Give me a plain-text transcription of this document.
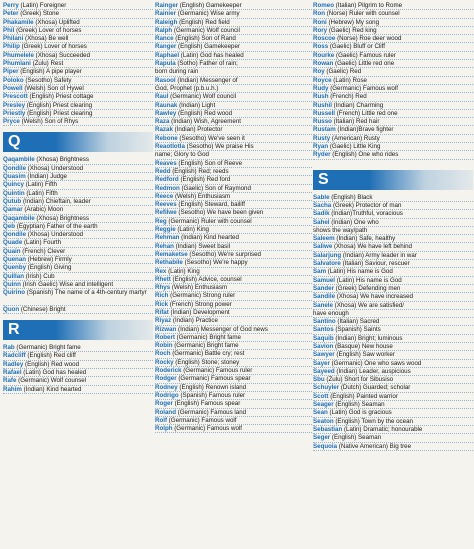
Perry (Latin) Foreigner
Peter (Greek) Stone
Phakamile (Xhosa) Uplifted
Phil (Greek) Lover of horses
Philani (Xhosa) Be well
Philip (Greek) Lover of horses
Phumelele (Xhosa) Succeeded
Phumlani (Zulu) Rest
Piper (English) A pipe player
Poloko (Sesotho) Safety
Powell (Welsh) Son of Hywel
Prescott (English) Priest cottage
Presley (English) Priest clearing
Priestly (English) Priest clearing
Pryce (Welsh) Son of Rhys
Q
Qaqambile (Xhosa) Brightness
Qondile (Xhosa) Understood
Quasim (Indian) Judge
Quincy (Latin) Fifth
Quintin (Latin) Fifth
Qutub (Indian) Chieftain, leader
Qamar (Arabic) Moon
Qaqambile (Xhosa) Brightness
Qeb (Egyptian) Father of the earth
Qondile (Xhosa) Understood
Quade (Latin) Fourth
Quain (French) Clever
Quenan (Hebrew) Firmly
Quenby (English) Giving
Quillan (Irish) Cub
Quinn (Irish Gaelic) Wise and intelligent
Quirino (Spanish) The name of a 4th-century martyr
Quon (Chinese) Bright
R
Rab (Germanic) Bright fame
Radcliff (English) Red cliff
Radley (English) Red wood
Rafael (Latin) God has healed
Rafe (Germanic) Wolf counsel
Rahim (Indian) Kind hearted
Rainger (English) Gamekeeper
Rainier (Germanic) Wise army
Raleigh (English) Red field
Ralph (Germanic) Wolf council
Rance (English) Son of Rand
Ranger (English) Gamekeeper
Raphael (Latin) God has healed
Rapula (Sotho) Father of rain;
born during rain
Rasool (Indian) Messenger of
God, Prophet (p.b.u.h.)
Raul (Germanic) Wolf council
Raunak (Indian) Light
Rawley (English) Red wood
Raza (Indian) Wish, Agreement
Razak (Indian) Protector
Rebone (Sesotho) We've seen it
Reaotlotla (Sesotho) We praise His
name; Glory to God
Reaves (English) Son of Reeve
Redd (English) Red; reeds
Redford (English) Red ford
Redmon (Gaelic) Son of Raymond
Reece (Welsh) Enthusiasm
Reeves (English) Steward, bailiff
Refilwe (Sesotho) We have been given
Reg (Germanic) Ruler with counsel
Reggie (Latin) King
Rehman (Indian) Kind hearted
Rehan (Indian) Sweet basil
Remaketse (Sesotho) We're surprised
Rethabile (Sesotho) We're happy
Rex (Latin) King
Rhett (English) Advice, counsel
Rhys (Welsh) Enthusiasm
Rich (Germanic) Strong ruler
Rick (French) Strong power
Rifat (Indian) Development
Riyaz (Indian) Practice
Rizwan (Indian) Messenger of God news
Robert (Germanic) Bright fame
Robin (Germanic) Bright fame
Roch (Germanic) Battle cry; rest
Rocky (English) Stone; stoney
Roderick (Germanic) Famous ruler
Rodger (Germanic) Famous spear
Rodney (English) Renown island
Rodrigo (Spanish) Famous ruler
Roger (English) Famous spear
Roland (Germanic) Famous land
Rolf (Germanic) Famous wolf
Rolph (Germanic) Famous wolf
Romeo (Italian) Pilgrim to Rome
Ron (Norse) Ruler with counsel
Roni (Hebrew) My song
Rory (Gaelic) Red king
Roscoe (Norse) Roe deer wood
Ross (Gaelic) Bluff or Cliff
Rourke (Gaelic) Famous ruler
Rowan (Gaelic) Little red one
Roy (Gaelic) Red
Royce (Latin) Rose
Rudy (Germanic) Famous wolf
Rush (French) Red
Rushil (Indian) Charming
Russell (French) Little red one
Russo (Italian) Red hair
Rustam (Indian)Brave fighter
Rusty (American) Rusty
Ryan (Gaelic) Little King
Ryder (English) One who rides
S
Sable (English) Black
Sacha (Greek) Protector of man
Sadik (Indian)Truthful, voracious
Sahel (Indian) One who
shows the way/path
Saleem (Indian) Safe, healthy
Saliwe (Xhosa) We have left behind
Salarjung (Indian) Army leader in war
Salvatore (Italian) Saviour, rescuer
Sam (Latin) His name is God
Samuel (Latin) His name is God
Sander (Greek) Defending men
Sandile (Xhosa) We have increased
Sanele (Xhosa) We are satisfied/
have enough
Santino (Italian) Sacred
Santos (Spanish) Saints
Saquib (Indian) Bright; luminous
Savion (Basque) New house
Sawyer (English) Saw worker
Sayer (Germanic) One who saws wood
Sayeed (Indian) Leader, auspicious
Sbu (Zulu) Short for Sibusiso
Schuyler (Dutch) Guarded; scholar
Scott (English) Painted warrior
Seager (English) Seaman
Sean (Latin) God is gracious
Seaton (English) Town by the ocean
Sebastian (Latin) Dramatic; honourable
Seger (English) Seaman
Sequoia (Native American) Big tree
